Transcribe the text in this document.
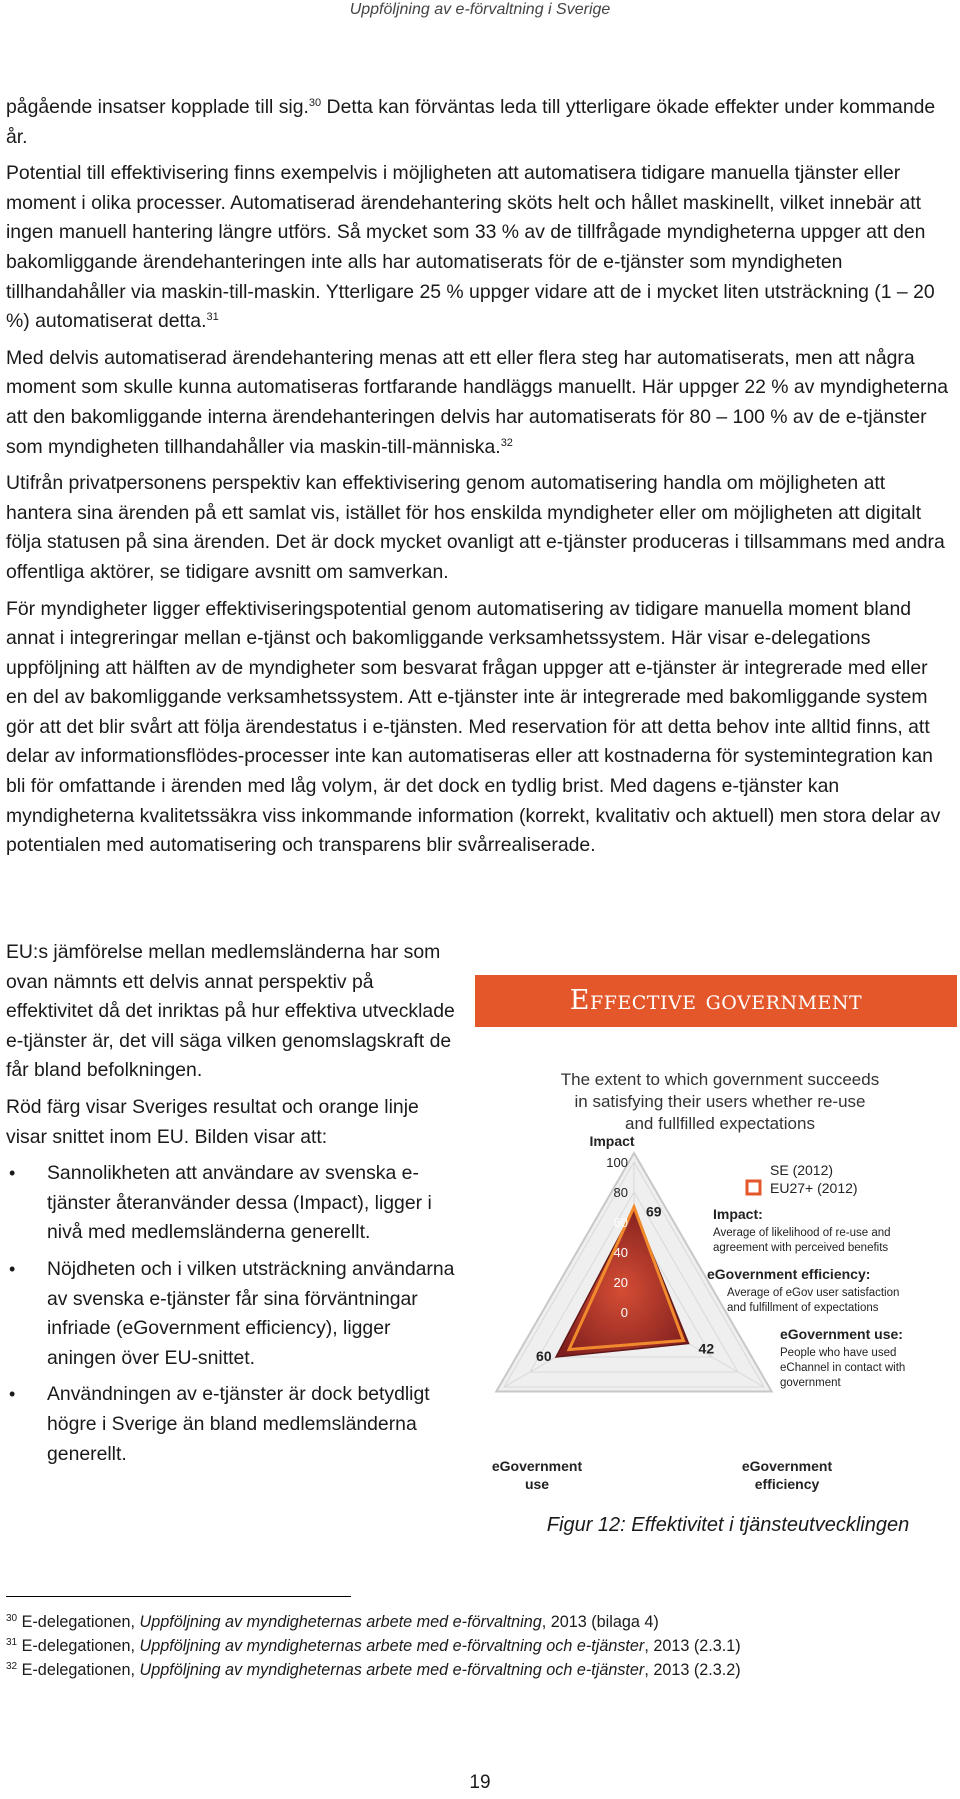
Uppföljning av e-förvaltning i Sverige

pågående insatser kopplade till sig.$^{30}$ Detta kan förväntas leda till ytterligare ökade effekter under kommande år.

Potential till effektivisering finns exempelvis i möjligheten att automatisera tidigare manuella tjänster eller moment i olika processer. Automatiserad ärendehantering sköts helt och hållet maskinellt, vilket innebär att ingen manuell hantering längre utförs. Så mycket som 33 % av de tillfrågade myndigheterna uppger att den bakomliggande ärendehanteringen inte alls har automatiserats för de e-tjänster som myndigheten tillhandahåller via maskin-till-maskin. Ytterligare 25 % uppger vidare att de i mycket liten utsträckning (1 – 20 %) automatiserat detta.$^{31}$

Med delvis automatiserad ärendehantering menas att ett eller flera steg har automatiserats, men att några moment som skulle kunna automatiseras fortfarande handläggs manuellt. Här uppger 22 % av myndigheterna att den bakomliggande interna ärendehanteringen delvis har automatiserats för 80 – 100 % av de e-tjänster som myndigheten tillhandahåller via maskin-till-människa.$^{32}$

Utifrån privatpersonens perspektiv kan effektivisering genom automatisering handla om möjligheten att hantera sina ärenden på ett samlat vis, istället för hos enskilda myndigheter eller om möjligheten att digitalt följa statusen på sina ärenden. Det är dock mycket ovanligt att e-tjänster produceras i tillsammans med andra offentliga aktörer, se tidigare avsnitt om samverkan.

För myndigheter ligger effektiviseringspotential genom automatisering av tidigare manuella moment bland annat i integreringar mellan e-tjänst och bakomliggande verksamhetssystem. Här visar e-delegations uppföljning att hälften av de myndigheter som besvarat frågan uppger att e-tjänster är integrerade med eller en del av bakomliggande verksamhetssystem. Att e-tjänster inte är integrerade med bakomliggande system gör att det blir svårt att följa ärendestatus i e-tjänsten. Med reservation för att detta behov inte alltid finns, att delar av informationsflödes-processer inte kan automatiseras eller att kostnaderna för systemintegration kan bli för omfattande i ärenden med låg volym, är det dock en tydlig brist. Med dagens e-tjänster kan myndigheterna kvalitetssäkra viss inkommande information (korrekt, kvalitativ och aktuell) men stora delar av potentialen med automatisering och transparens blir svårrealiserade.

EU:s jämförelse mellan medlemsländerna har som ovan nämnts ett delvis annat perspektiv på effektivitet då det inriktas på hur effektiva utvecklade e-tjänster är, det vill säga vilken genomslagskraft de får bland befolkningen.

Röd färg visar Sveriges resultat och orange linje visar snittet inom EU. Bilden visar att:

• Sannolikheten att användare av svenska e-tjänster återanvänder dessa (Impact), ligger i nivå med medlemsländerna generellt.
• Nöjdheten och i vilken utsträckning användarna av svenska e-tjänster får sina förväntningar infriade (eGovernment efficiency), ligger aningen över EU-snittet.
• Användningen av e-tjänster är dock betydligt högre i Sverige än bland medlemsländerna generellt.
Effective government
The extent to which government succeeds
in satisfying their users whether re-use
and fullfilled expectations
100
80
60
40
20
0
Impact
eGovernment
efficiency
eGovernment
use
69
42
60
SE (2012)
EU27+ (2012)
Impact:
Average of likelihood of re-use and
agreement with perceived benefits
eGovernment efficiency:
Average of eGov user satisfaction
and fulfillment of expectations
eGovernment use:
People who have used
eChannel in contact with
government
Figur 12: Effektivitet i tjänsteutvecklingen
$^{30}$ E-delegationen, Uppföljning av myndigheternas arbete med e-förvaltning, 2013 (bilaga 4)
$^{31}$ E-delegationen, Uppföljning av myndigheternas arbete med e-förvaltning och e-tjänster, 2013 (2.3.1)
$^{32}$ E-delegationen, Uppföljning av myndigheternas arbete med e-förvaltning och e-tjänster, 2013 (2.3.2)
19
